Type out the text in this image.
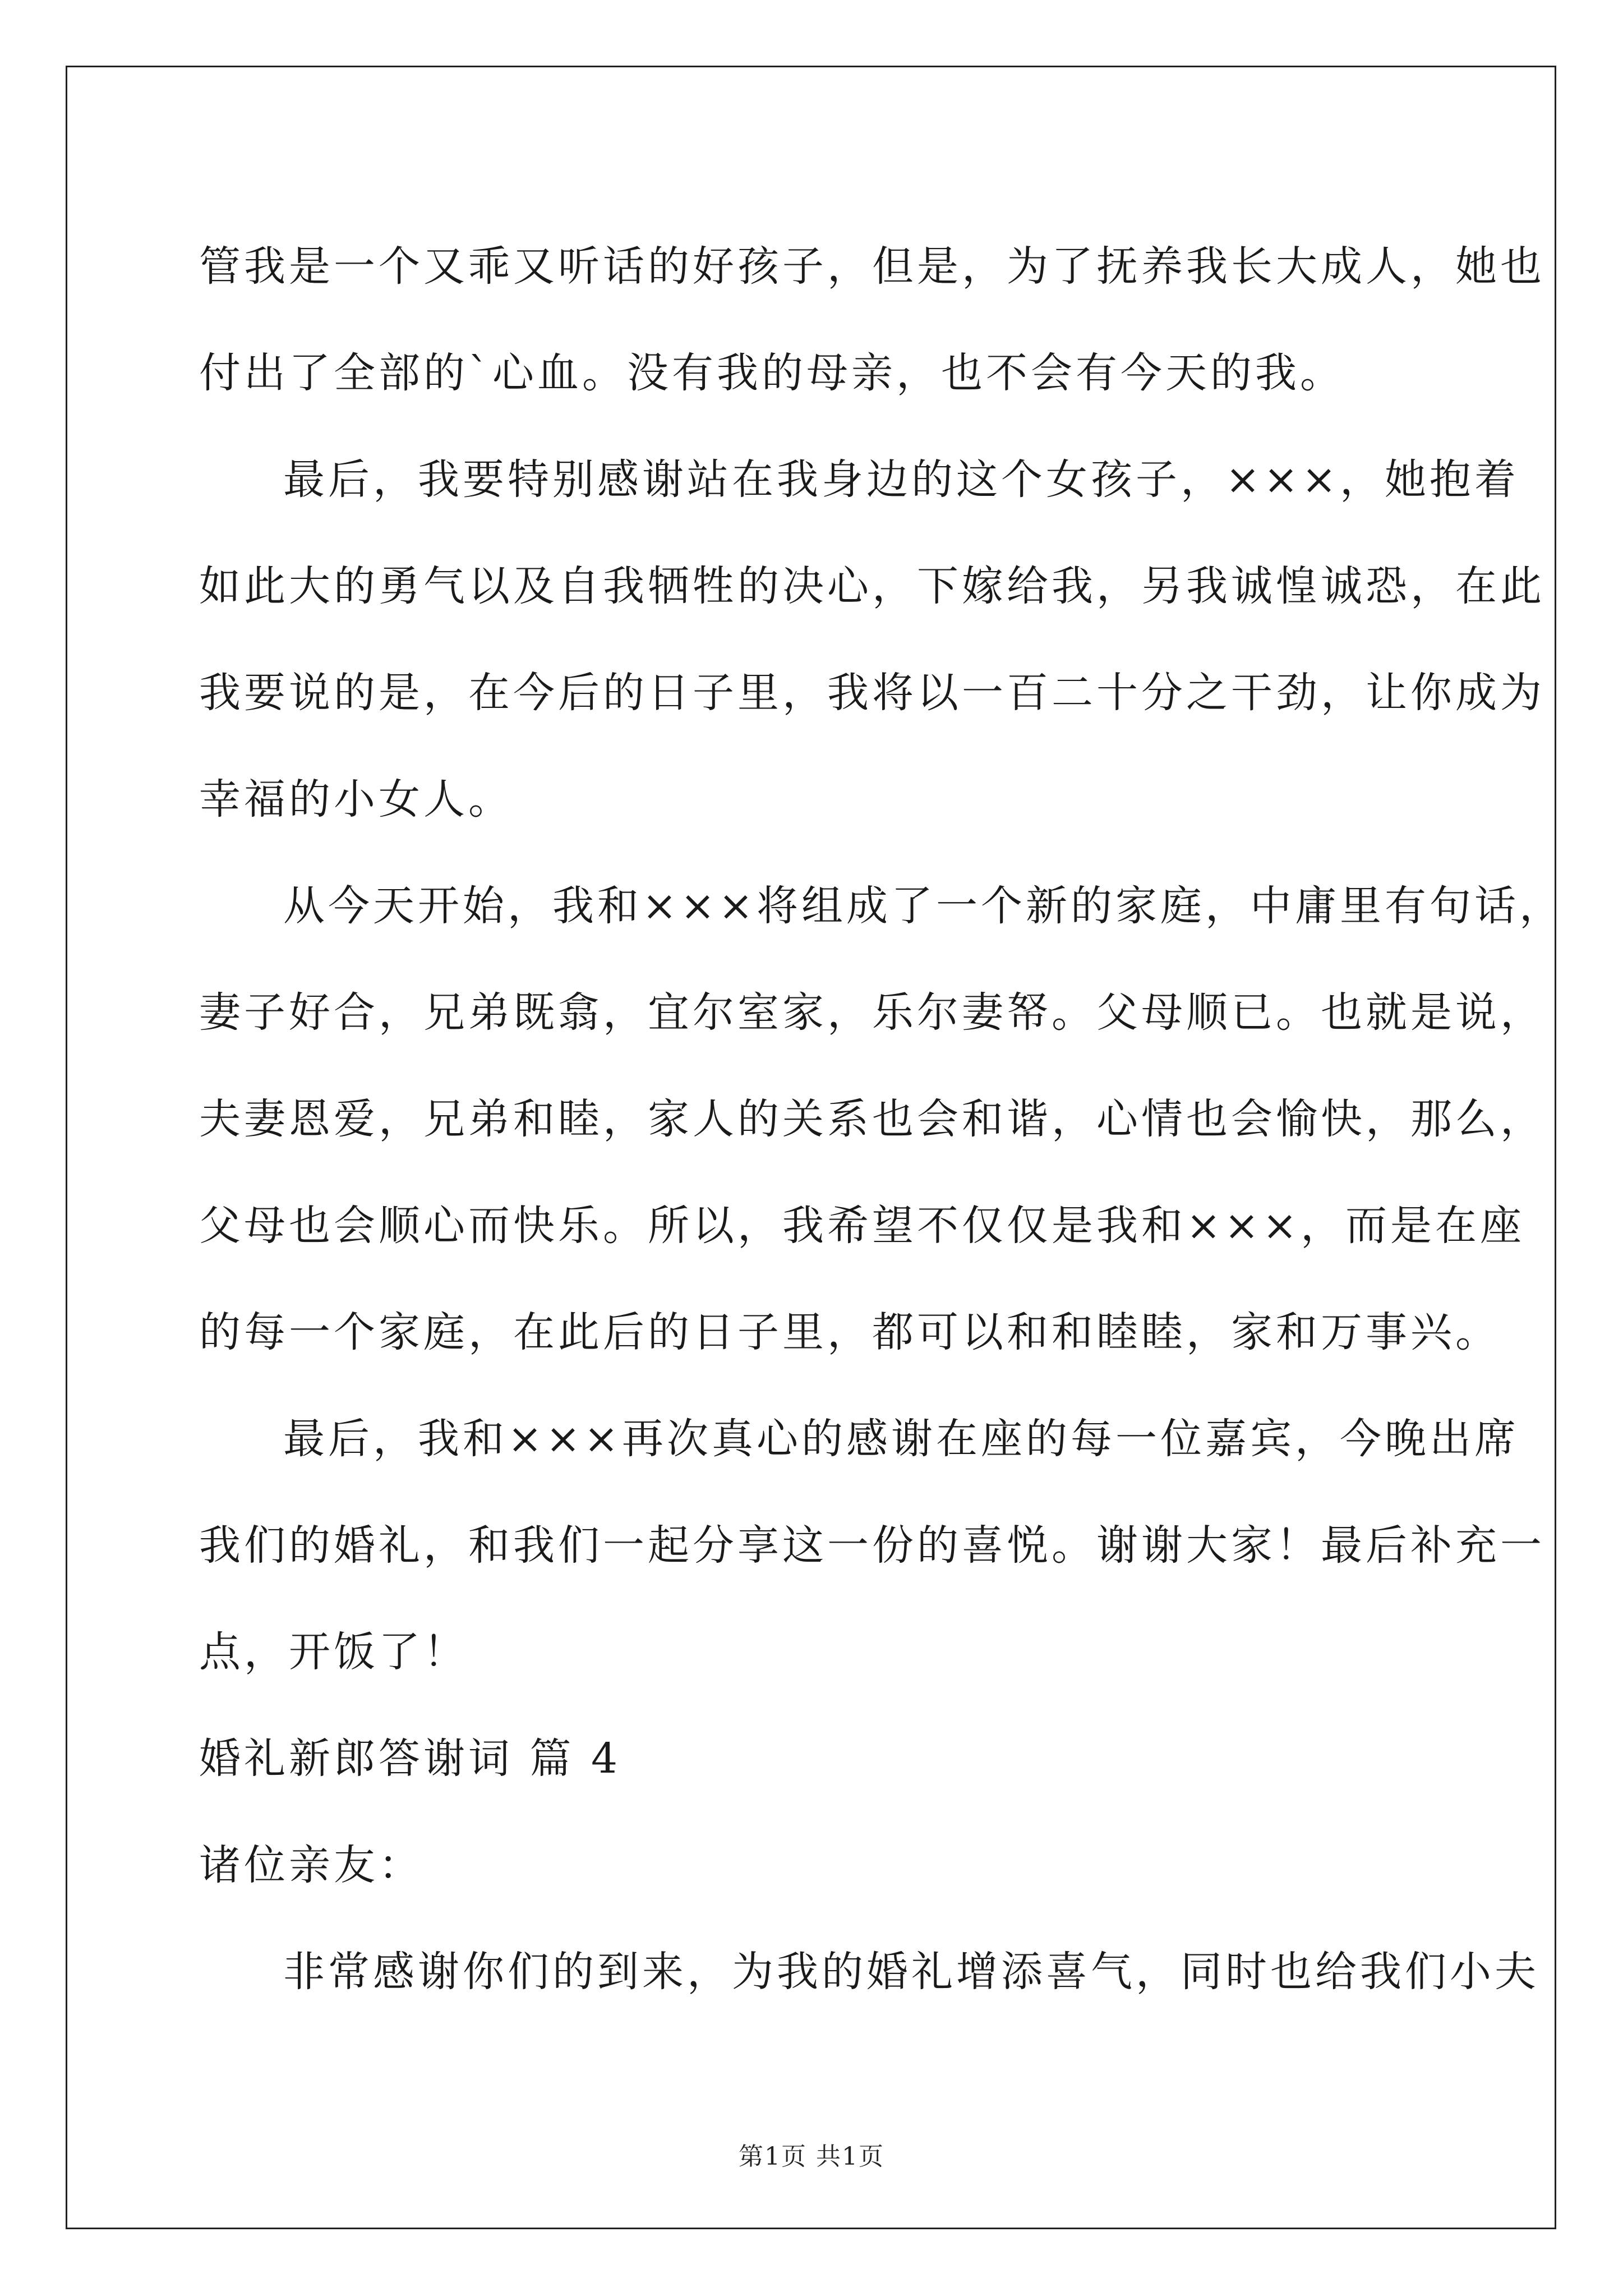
管我是一个又乖又听话的好孩子，但是，为了抚养我长大成人，她也
付出了全部的`心血。没有我的母亲，也不会有今天的我。
最后，我要特别感谢站在我身边的这个女孩子，×××，她抱着
如此大的勇气以及自我牺牲的决心，下嫁给我，另我诚惶诚恐，在此
我要说的是，在今后的日子里，我将以一百二十分之干劲，让你成为
幸福的小女人。
从今天开始，我和×××将组成了一个新的家庭，中庸里有句话，
妻子好合，兄弟既翕，宜尔室家，乐尔妻帑。父母顺已。也就是说，
夫妻恩爱，兄弟和睦，家人的关系也会和谐，心情也会愉快，那么，
父母也会顺心而快乐。所以，我希望不仅仅是我和×××，而是在座
的每一个家庭，在此后的日子里，都可以和和睦睦，家和万事兴。
最后，我和×××再次真心的感谢在座的每一位嘉宾，今晚出席
我们的婚礼，和我们一起分享这一份的喜悦。谢谢大家！最后补充一
点，开饭了！
婚礼新郎答谢词 篇 4
诸位亲友：
非常感谢你们的到来，为我的婚礼增添喜气，同时也给我们小夫
第1页 共1页
